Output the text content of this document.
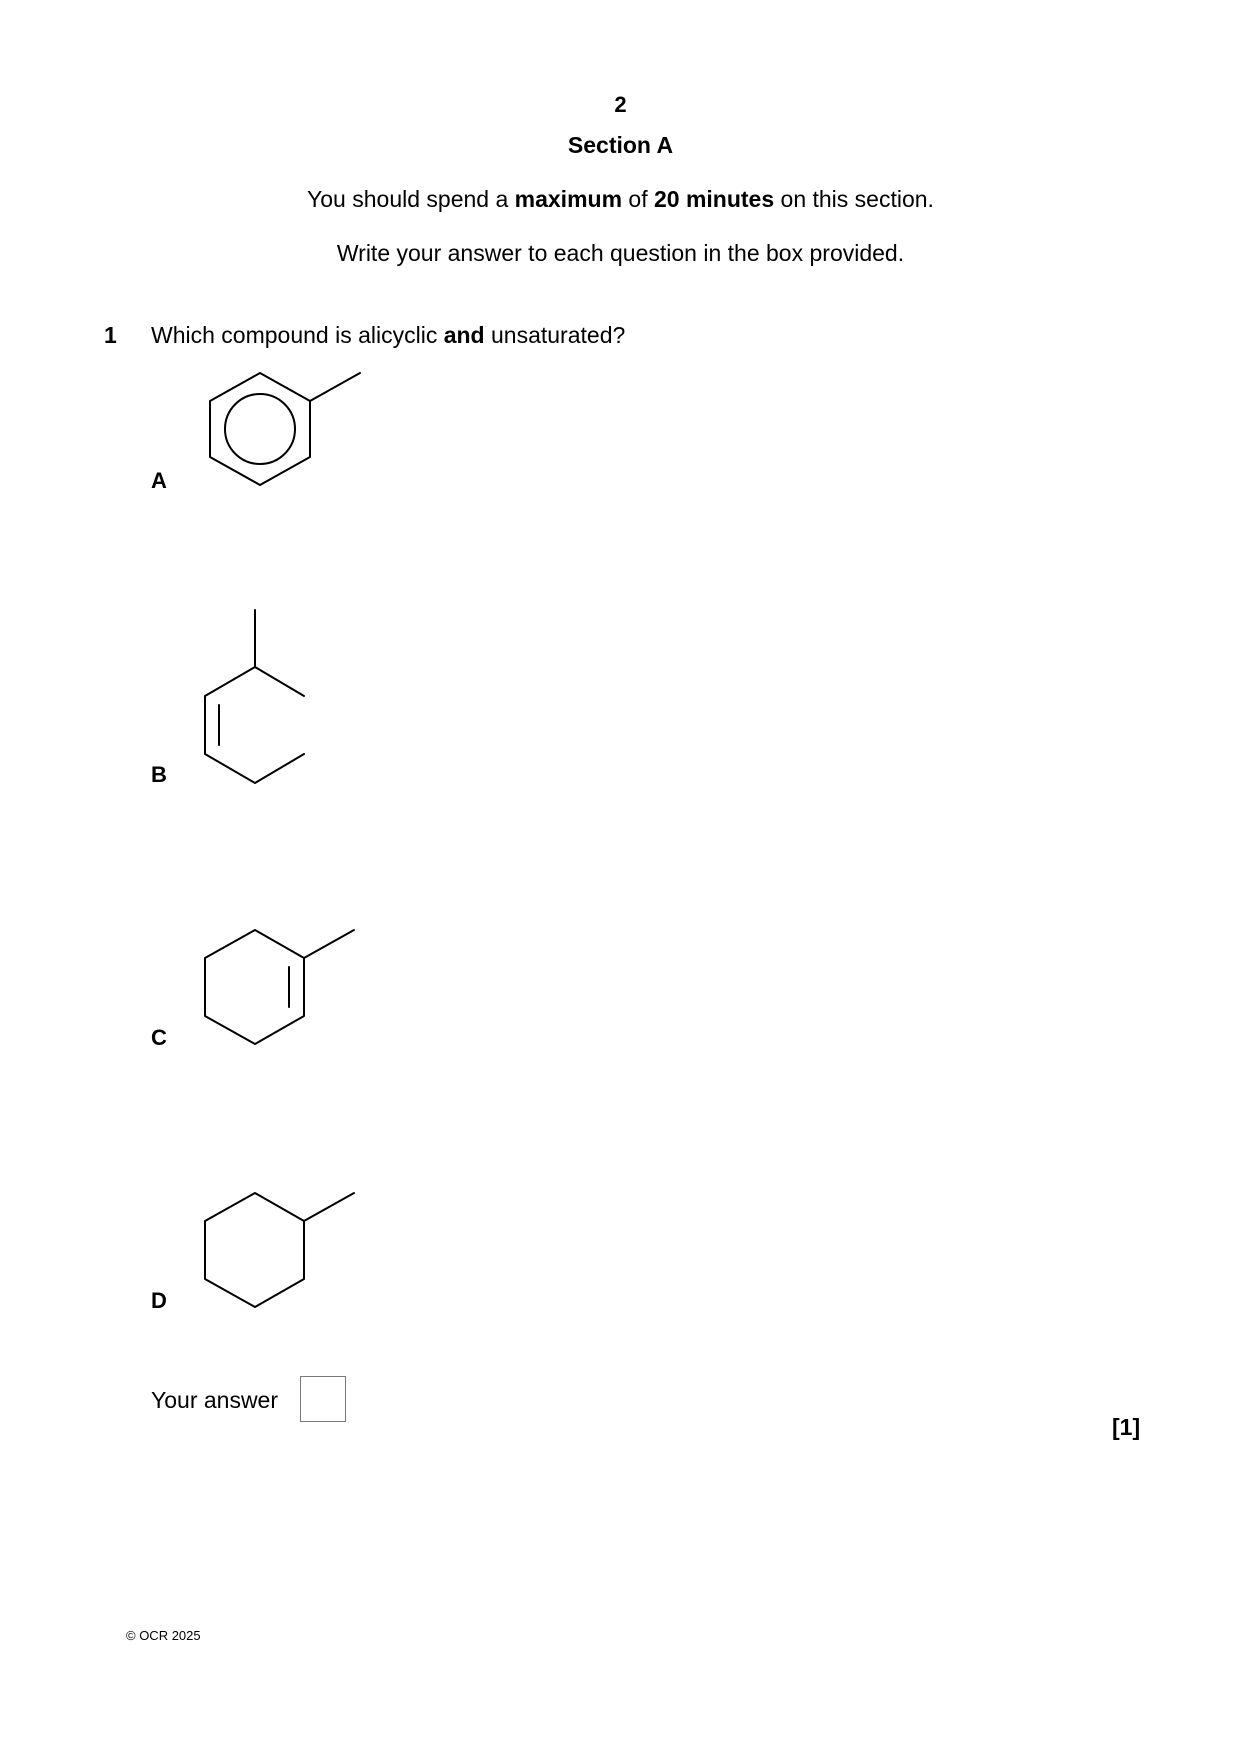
2
Section A
You should spend a maximum of 20 minutes on this section.
Write your answer to each question in the box provided.
1 Which compound is alicyclic and unsaturated?
A
B
C
D
Your answer
[1]
© OCR 2025
